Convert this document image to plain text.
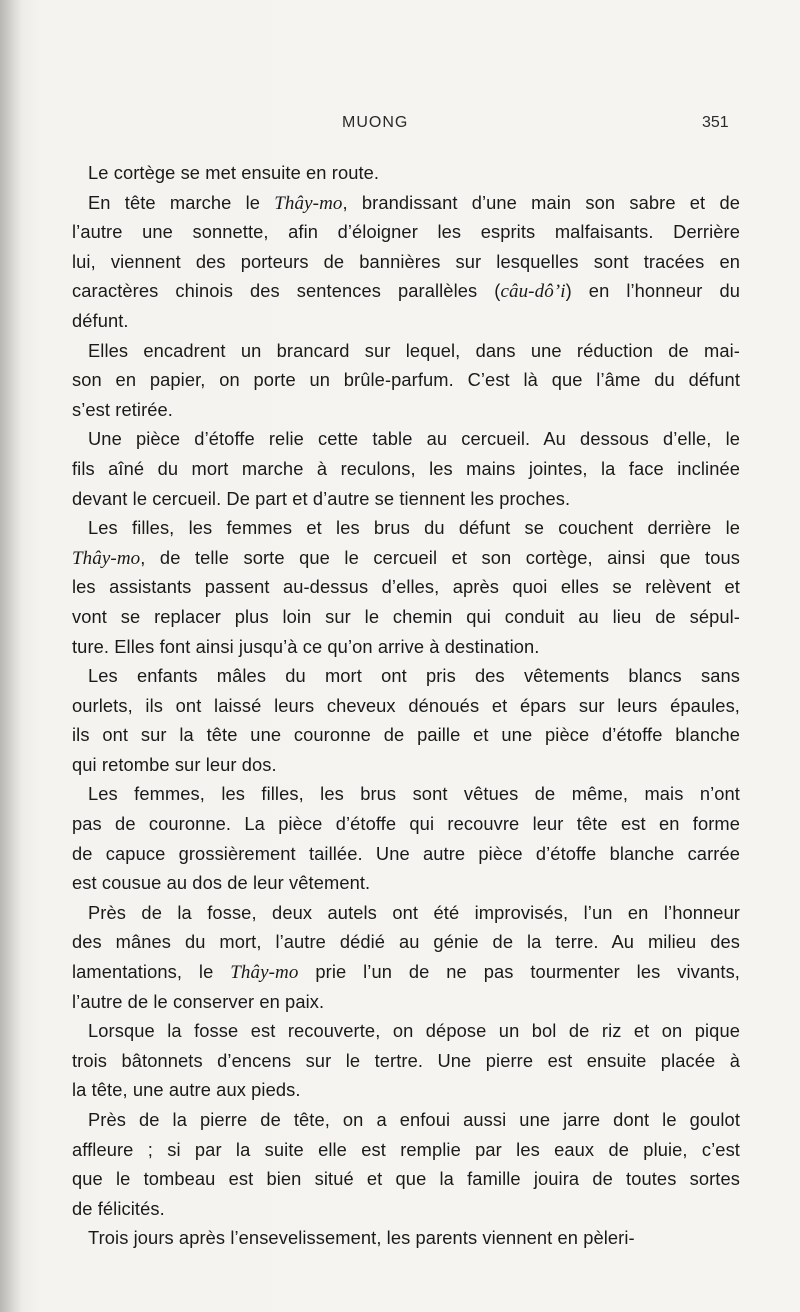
MUONG	351
Le cortège se met ensuite en route.
En tête marche le Thây-mo, brandissant d’une main son sabre et de
l’autre une sonnette, afin d’éloigner les esprits malfaisants. Derrière
lui, viennent des porteurs de bannières sur lesquelles sont tracées en
caractères chinois des sentences parallèles (câu-dô’i) en l’honneur du
défunt.
Elles encadrent un brancard sur lequel, dans une réduction de mai-
son en papier, on porte un brûle-parfum. C’est là que l’âme du défunt
s’est retirée.
Une pièce d’étoffe relie cette table au cercueil. Au dessous d’elle, le
fils aîné du mort marche à reculons, les mains jointes, la face inclinée
devant le cercueil. De part et d’autre se tiennent les proches.
Les filles, les femmes et les brus du défunt se couchent derrière le
Thây-mo, de telle sorte que le cercueil et son cortège, ainsi que tous
les assistants passent au-dessus d’elles, après quoi elles se relèvent et
vont se replacer plus loin sur le chemin qui conduit au lieu de sépul-
ture. Elles font ainsi jusqu’à ce qu’on arrive à destination.
Les enfants mâles du mort ont pris des vêtements blancs sans
ourlets, ils ont laissé leurs cheveux dénoués et épars sur leurs épaules,
ils ont sur la tête une couronne de paille et une pièce d’étoffe blanche
qui retombe sur leur dos.
Les femmes, les filles, les brus sont vêtues de même, mais n’ont
pas de couronne. La pièce d’étoffe qui recouvre leur tête est en forme
de capuce grossièrement taillée. Une autre pièce d’étoffe blanche carrée
est cousue au dos de leur vêtement.
Près de la fosse, deux autels ont été improvisés, l’un en l’honneur
des mânes du mort, l’autre dédié au génie de la terre. Au milieu des
lamentations, le Thây-mo prie l’un de ne pas tourmenter les vivants,
l’autre de le conserver en paix.
Lorsque la fosse est recouverte, on dépose un bol de riz et on pique
trois bâtonnets d’encens sur le tertre. Une pierre est ensuite placée à
la tête, une autre aux pieds.
Près de la pierre de tête, on a enfoui aussi une jarre dont le goulot
affleure ; si par la suite elle est remplie par les eaux de pluie, c’est
que le tombeau est bien situé et que la famille jouira de toutes sortes
de félicités.
Trois jours après l’ensevelissement, les parents viennent en pèleri-
